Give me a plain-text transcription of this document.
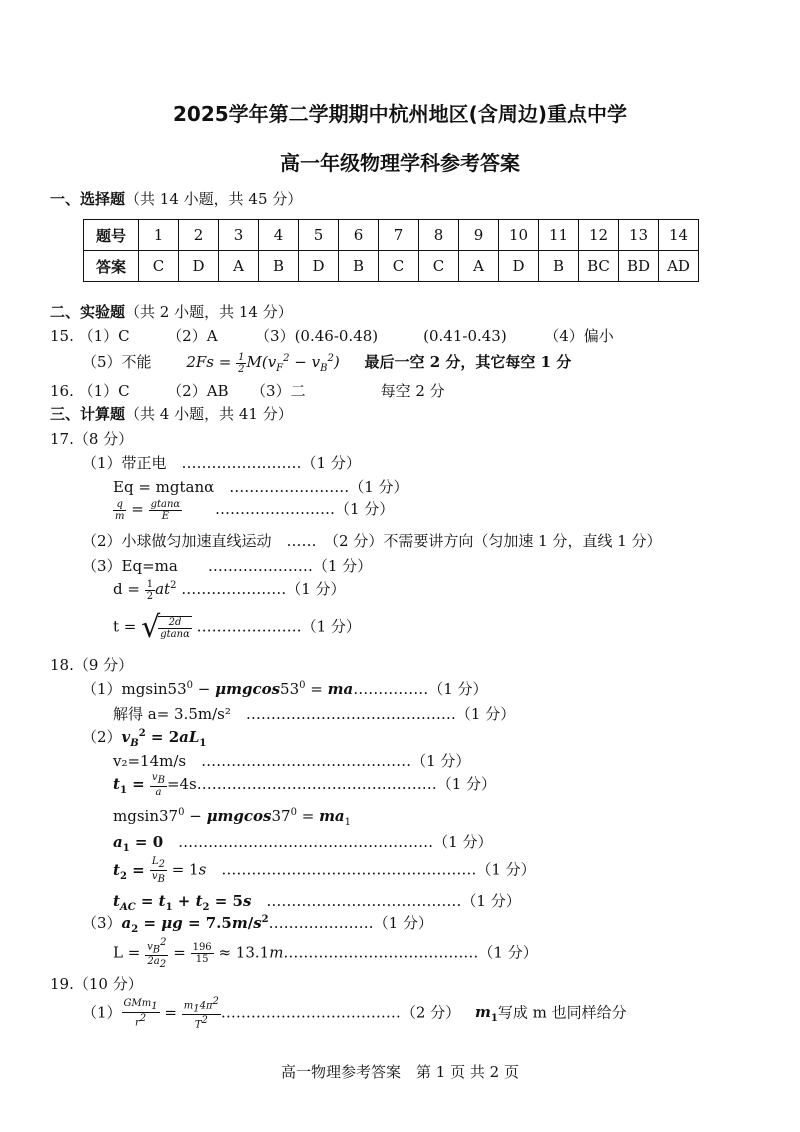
2025学年第二学期期中杭州地区(含周边)重点中学
高一年级物理学科参考答案
一、选择题（共 14 小题，共 45 分）
题号	1	2	3	4	5	6	7	8	9	10	11	12	13	14
答案	C	D	A	B	D	B	C	C	A	D	B	BC	BD	AD
二、实验题（共 2 小题，共 14 分）
15. （1）C　　　（2）A　　　（3）(0.46-0.48)　　　(0.41-0.43)　　　（4）偏小
（5）不能 $2Fs = \frac{1}{2} M(v_F^2 - v_B^2)$ 最后一空 2 分，其它每空 1 分
16. （1）C　　　（2）AB　　（3）二　　　　　每空 2 分
三、计算题（共 4 小题，共 41 分）
17.（8 分）
（1）带正电　……………………（1 分）
Eq = mgtanα　……………………（1 分）
$\frac{q}{m} = \frac{gtan\alpha}{E}$ ……………………（1 分）
（2）小球做匀加速直线运动　……　（2 分）不需要讲方向（匀加速 1 分，直线 1 分）
（3）Eq=ma　　…………………（1 分）
$d = \frac{1}{2} at^2$ …………………（1 分）
t = √
$\frac{2d}{gtan\alpha}$ …………………（1 分）
18.（9 分）
$(1)mgsin53^0 - \mu mgcos53^0$ = ma……………（1 分）
解得 a= 3.5m/s²　……………………………………（1 分）
$(2)v_B^2 = 2aL_1$
v₂=14m/s　……………………………………（1 分）
$t_1 = \frac{v_B}{a}$ =4s…………………………………………（1 分）
$mgsin37^0 - \mu mgcos37^0 = ma_1$
$a_1 = 0$　 ……………………………………………（1 分）
$t_2 = \frac{L_2}{v_B} = 1s$　 ……………………………………………（1 分）
$t_{AC} = t_1 + t_2 = 5s$　 …………………………………（1 分）
$(3)a_2 = \mu g$ = $7.5m/s^2\dots\dots\dots\dots\dots\dots\dots(1$ 分）
$L = \frac{v_B^2}{2a_2} = \frac{196}{15}$ ≈ 13.1m…………………………………（1 分）
19.（10 分）
$(1) \frac{GMm_1}{r^2} = \frac{m_14\pi^2}{T^2}$ ………………………………（2 分） $m_1$写成 m 也同样给分
高一物理参考答案　第 1 页 共 2 页
